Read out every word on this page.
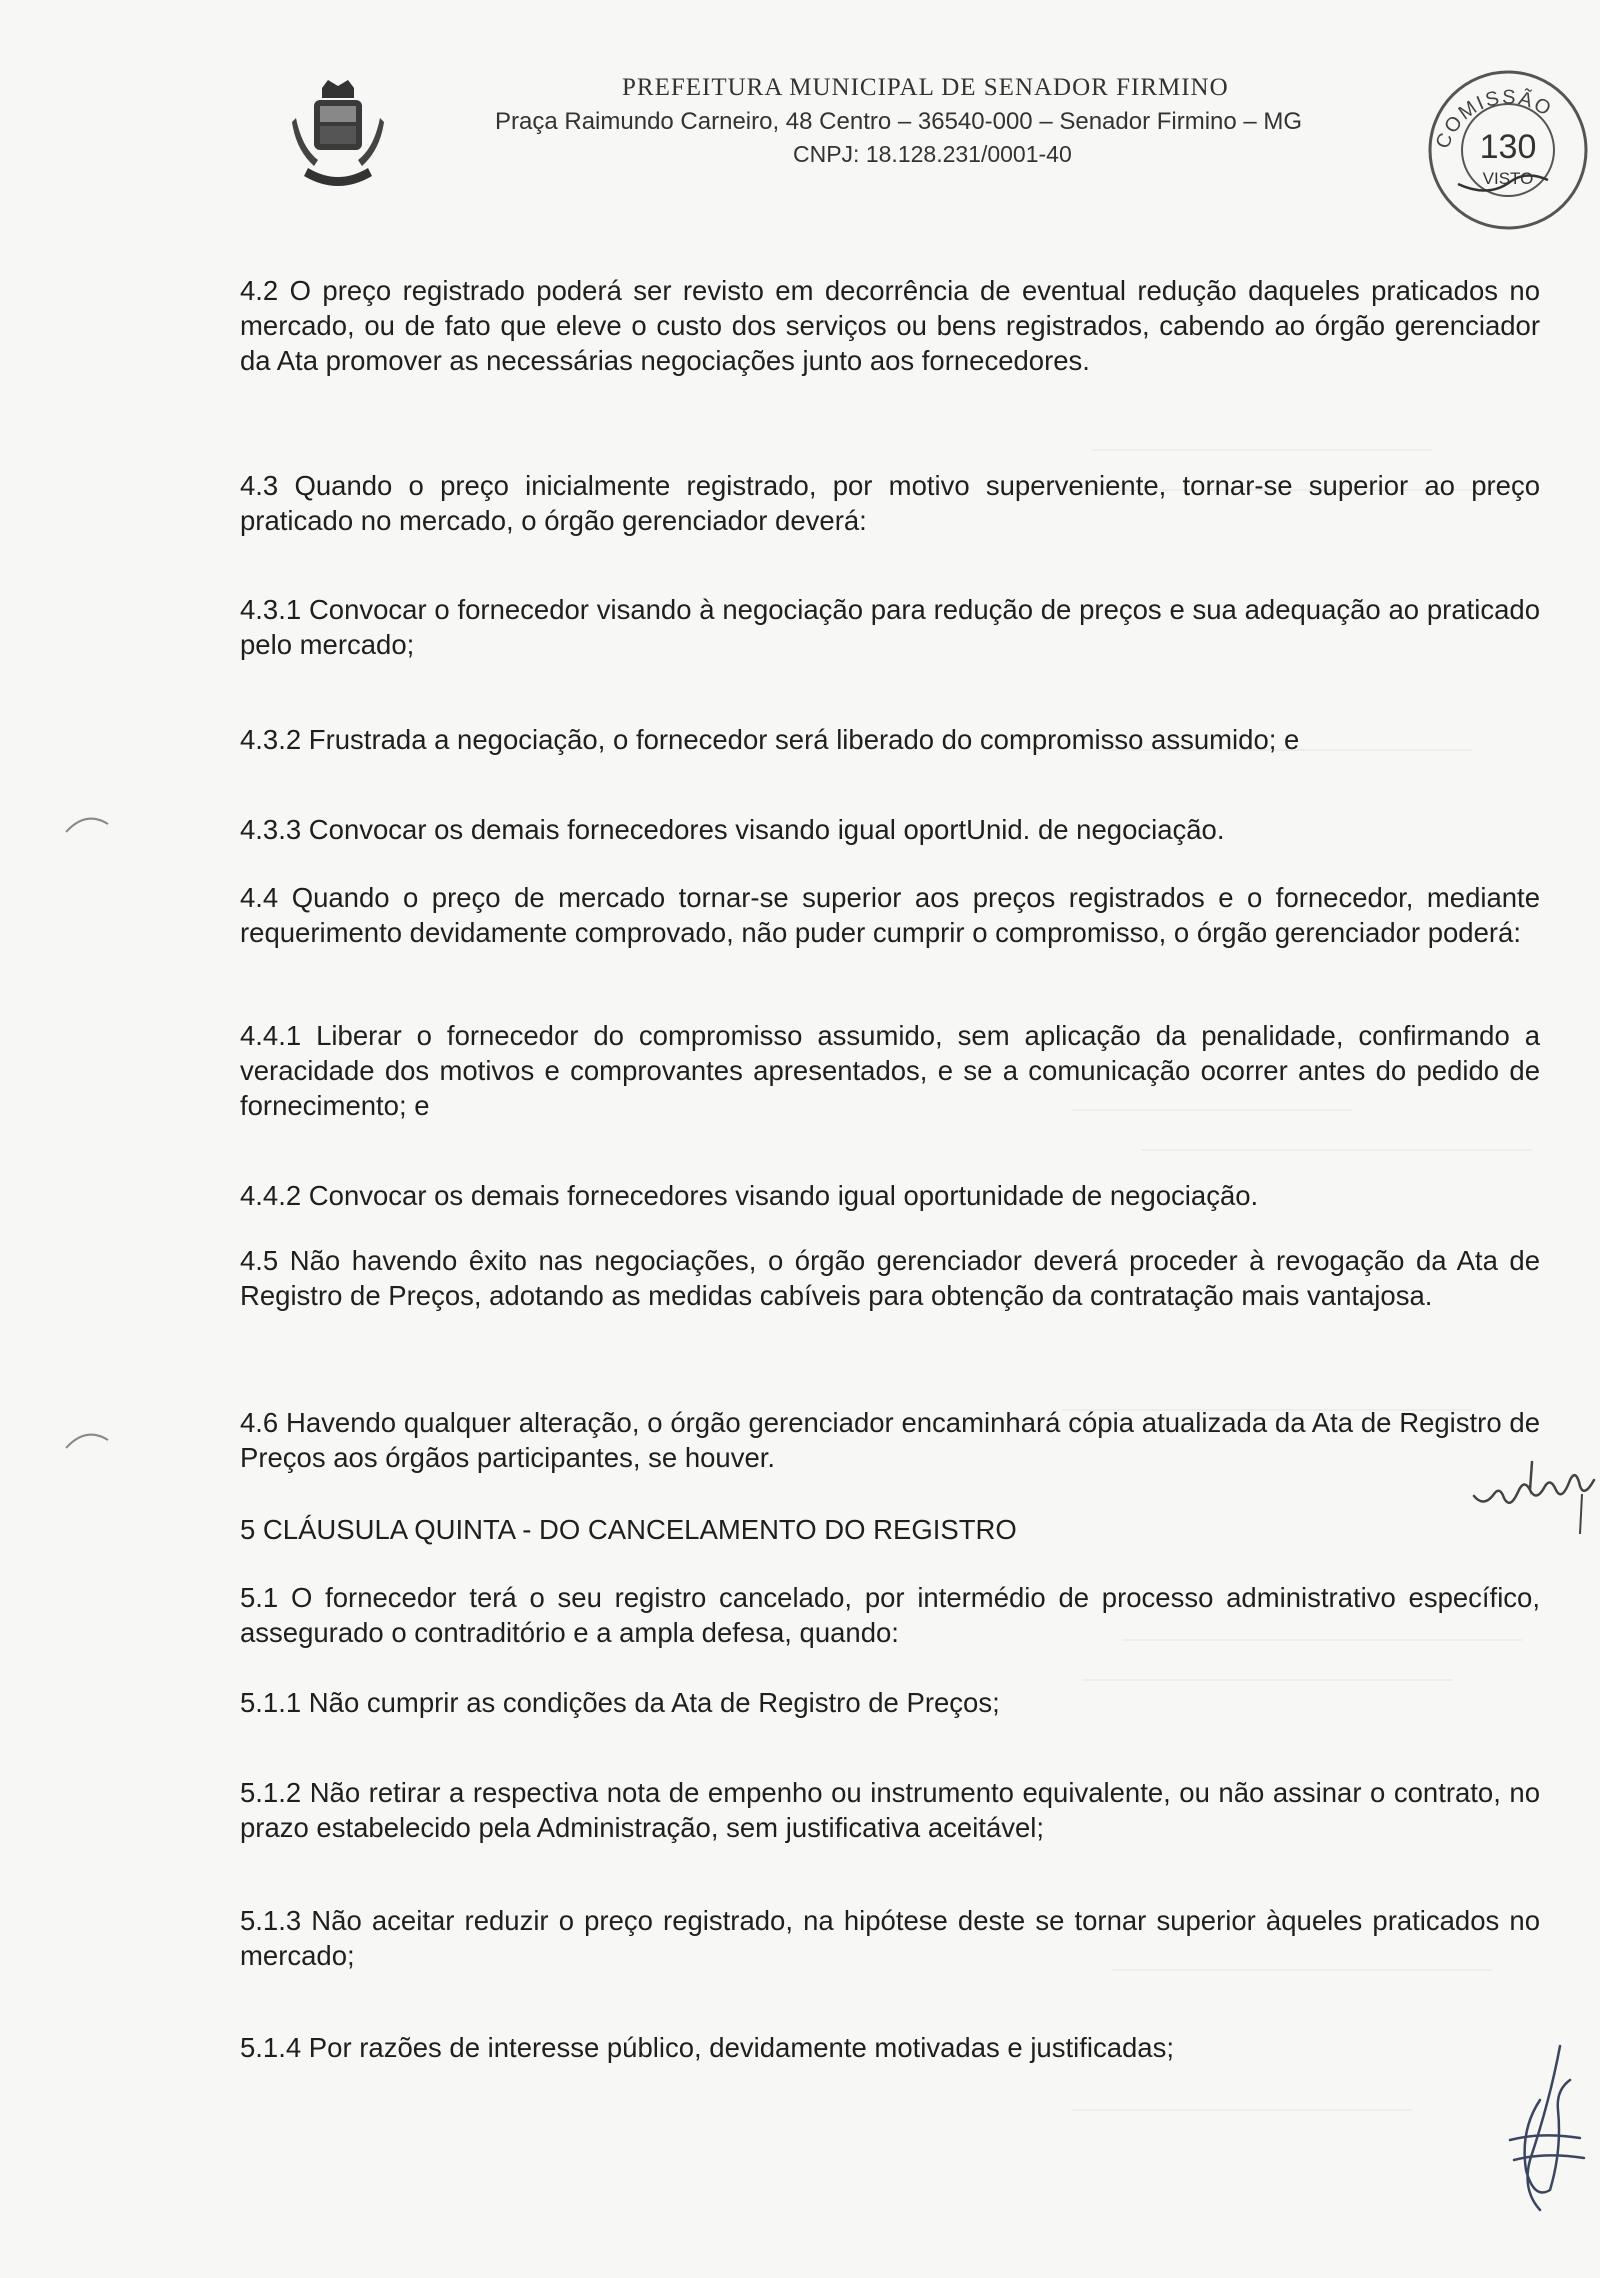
PREFEITURA MUNICIPAL DE SENADOR FIRMINO
Praça Raimundo Carneiro, 48 Centro – 36540-000 – Senador Firmino – MG
CNPJ: 18.128.231/0001-40
COMISSÃO
130
VISTO
4.2 O preço registrado poderá ser revisto em decorrência de eventual redução daqueles praticados no mercado, ou de fato que eleve o custo dos serviços ou bens registrados, cabendo ao órgão gerenciador da Ata promover as necessárias negociações junto aos fornecedores.
4.3 Quando o preço inicialmente registrado, por motivo superveniente, tornar-se superior ao preço praticado no mercado, o órgão gerenciador deverá:
4.3.1 Convocar o fornecedor visando à negociação para redução de preços e sua adequação ao praticado pelo mercado;
4.3.2 Frustrada a negociação, o fornecedor será liberado do compromisso assumido; e
4.3.3 Convocar os demais fornecedores visando igual oportUnid. de negociação.
4.4 Quando o preço de mercado tornar-se superior aos preços registrados e o fornecedor, mediante requerimento devidamente comprovado, não puder cumprir o compromisso, o órgão gerenciador poderá:
4.4.1 Liberar o fornecedor do compromisso assumido, sem aplicação da penalidade, confirmando a veracidade dos motivos e comprovantes apresentados, e se a comunicação ocorrer antes do pedido de fornecimento; e
4.4.2 Convocar os demais fornecedores visando igual oportunidade de negociação.
4.5 Não havendo êxito nas negociações, o órgão gerenciador deverá proceder à revogação da Ata de Registro de Preços, adotando as medidas cabíveis para obtenção da contratação mais vantajosa.
4.6 Havendo qualquer alteração, o órgão gerenciador encaminhará cópia atualizada da Ata de Registro de Preços aos órgãos participantes, se houver.
5 CLÁUSULA QUINTA - DO CANCELAMENTO DO REGISTRO
5.1 O fornecedor terá o seu registro cancelado, por intermédio de processo administrativo específico, assegurado o contraditório e a ampla defesa, quando:
5.1.1 Não cumprir as condições da Ata de Registro de Preços;
5.1.2 Não retirar a respectiva nota de empenho ou instrumento equivalente, ou não assinar o contrato, no prazo estabelecido pela Administração, sem justificativa aceitável;
5.1.3 Não aceitar reduzir o preço registrado, na hipótese deste se tornar superior àqueles praticados no mercado;
5.1.4 Por razões de interesse público, devidamente motivadas e justificadas;
